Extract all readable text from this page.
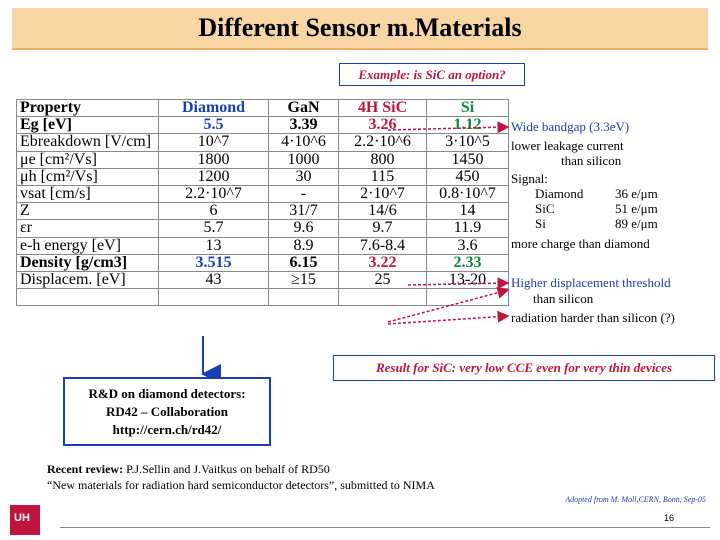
Different Sensor m.Materials
Example: is SiC an option?
Property	Diamond	GaN	4H SiC	Si
Eg [eV]	5.5	3.39	3.26	1.12
Ebreakdown [V/cm]	10^7	4·10^6	2.2·10^6	3·10^5
μe [cm²/Vs]	1800	1000	800	1450
μh [cm²/Vs]	1200	30	115	450
vsat [cm/s]	2.2·10^7	-	2·10^7	0.8·10^7
Z	6	31/7	14/6	14
εr	5.7	9.6	9.7	11.9
e-h energy [eV]	13	8.9	7.6-8.4	3.6
Density [g/cm3]	3.515	6.15	3.22	2.33
Displacem. [eV]	43	≥15	25	13-20

Wide bandgap (3.3eV)
lower leakage current
than silicon
Signal:
Diamond 36 e/μm
SiC	51 e/μm
Si	89 e/μm
more charge than diamond
Higher displacement threshold
than silicon
radiation harder than silicon (?)
Result for SiC: very low CCE even for very thin devices
R&D on diamond detectors:
RD42 – Collaboration
http://cern.ch/rd42/
Recent review: P.J.Sellin and J.Vaitkus on behalf of RD50
“New materials for radiation hard semiconductor detectors”, submitted to NIMA
Adopted from M. Moll,CERN, Bonn, Sep-05
UH	16
